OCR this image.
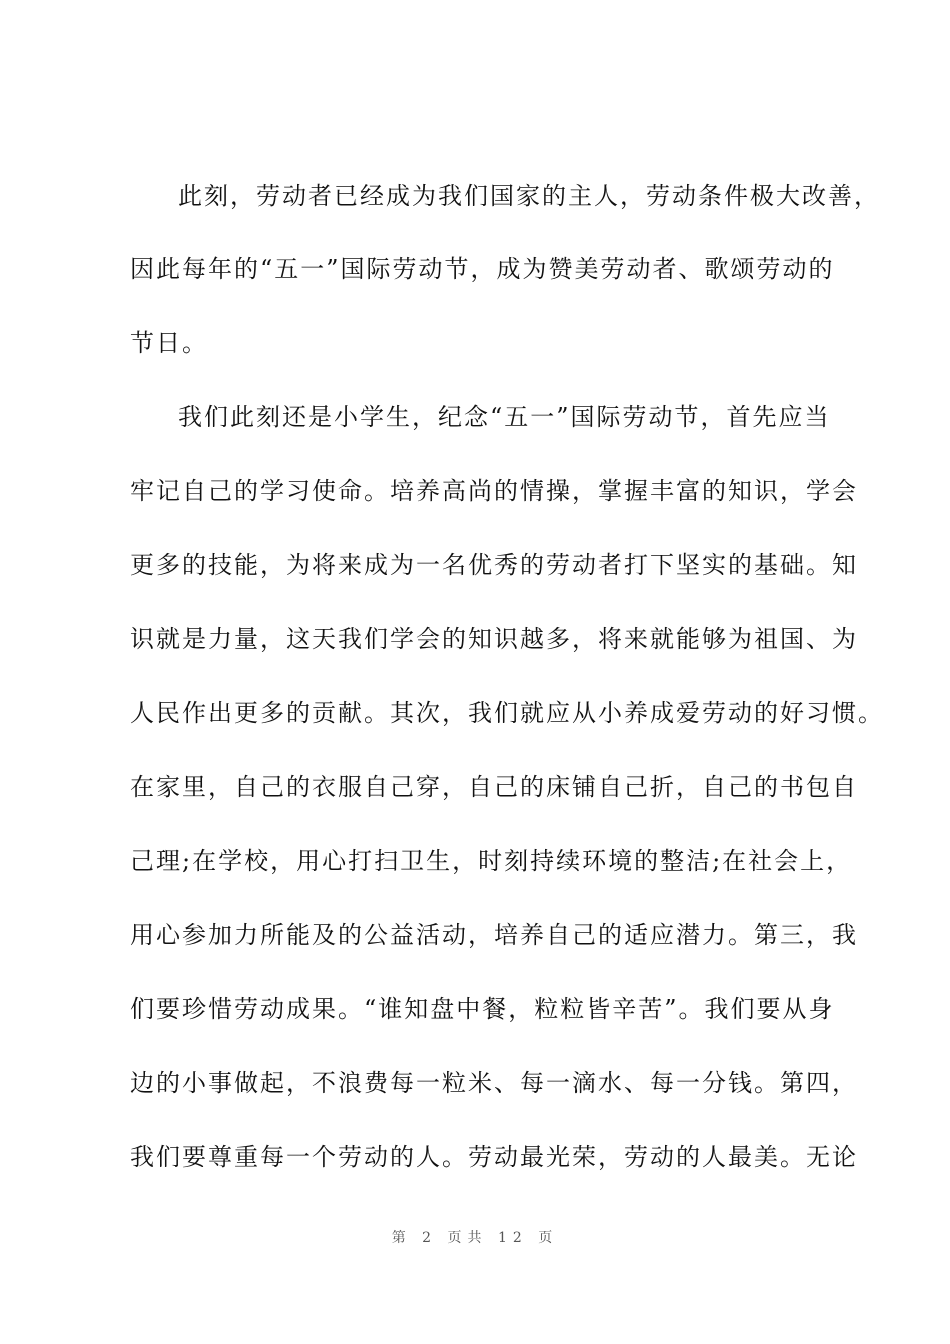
此刻，劳动者已经成为我们国家的主人，劳动条件极大改善，
因此每年的“五一”国际劳动节，成为赞美劳动者、歌颂劳动的
节日。
我们此刻还是小学生，纪念“五一”国际劳动节，首先应当
牢记自己的学习使命。培养高尚的情操，掌握丰富的知识，学会
更多的技能，为将来成为一名优秀的劳动者打下坚实的基础。知
识就是力量，这天我们学会的知识越多，将来就能够为祖国、为
人民作出更多的贡献。其次，我们就应从小养成爱劳动的好习惯。
在家里，自己的衣服自己穿，自己的床铺自己折，自己的书包自
己理;在学校，用心打扫卫生，时刻持续环境的整洁;在社会上，
用心参加力所能及的公益活动，培养自己的适应潜力。第三，我
们要珍惜劳动成果。“谁知盘中餐，粒粒皆辛苦”。我们要从身
边的小事做起，不浪费每一粒米、每一滴水、每一分钱。第四，
我们要尊重每一个劳动的人。劳动最光荣，劳动的人最美。无论
第 2 页共 12 页
